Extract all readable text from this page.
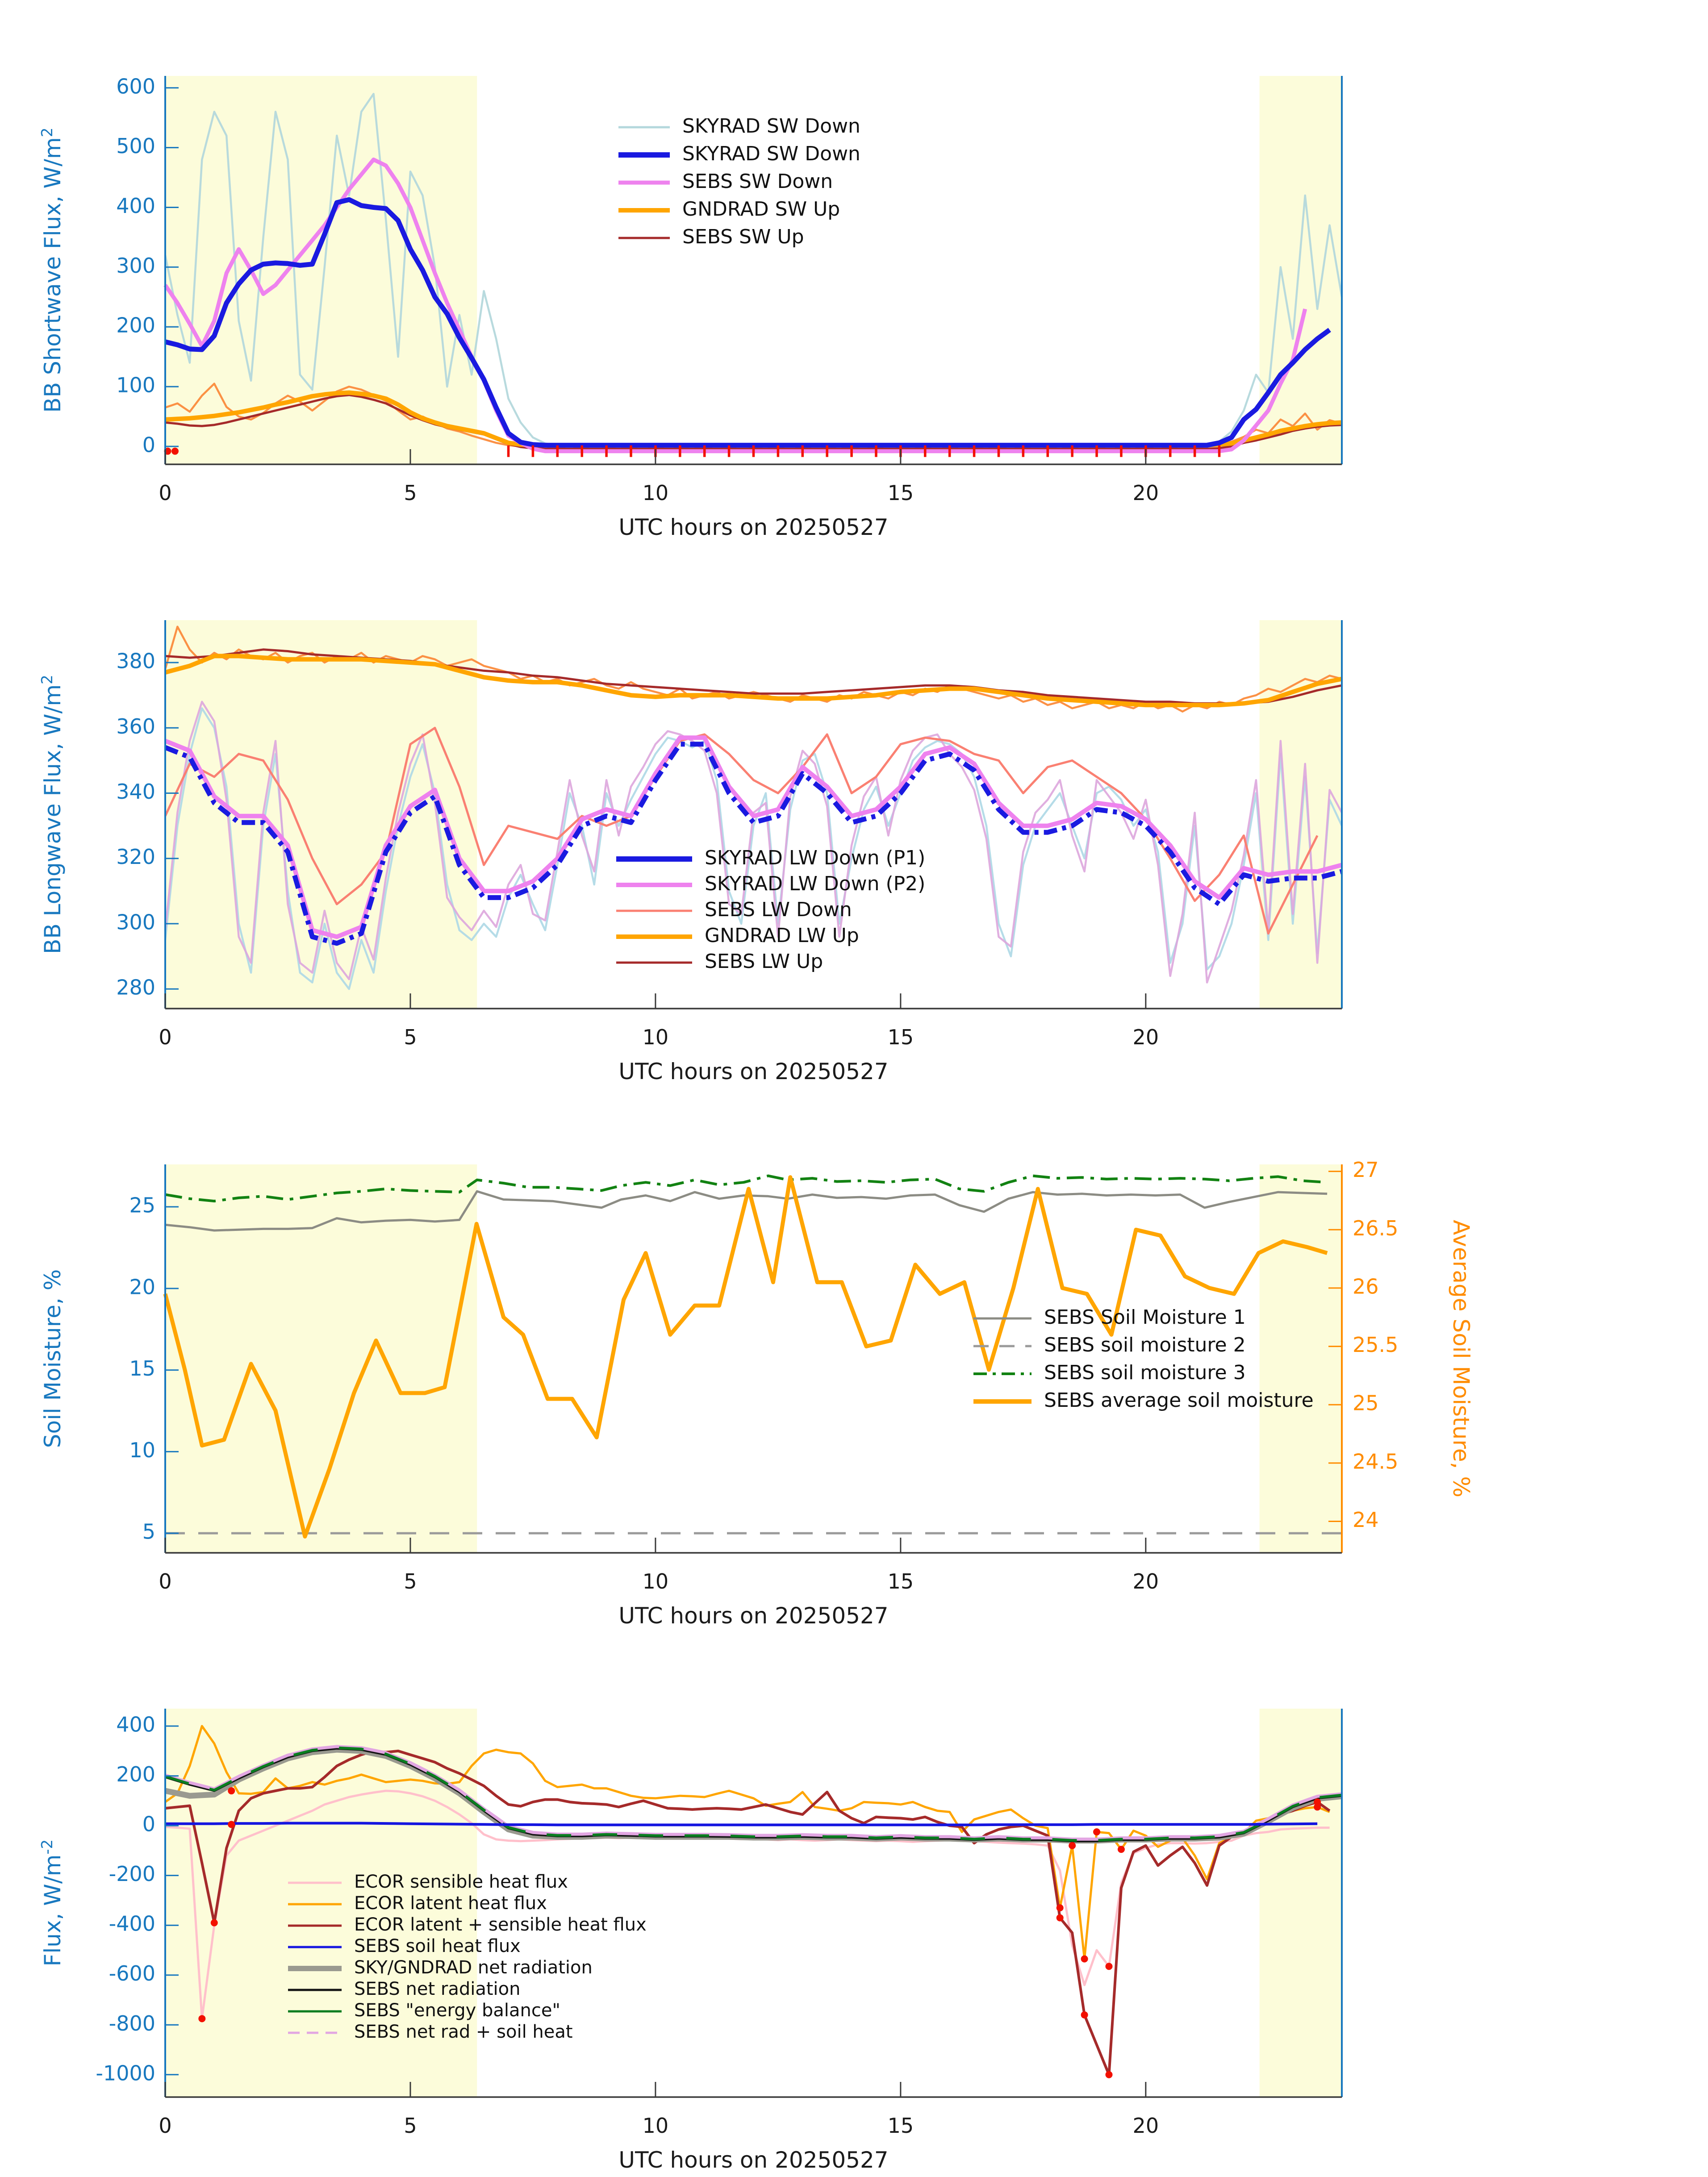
0
100
200
300
400
500
600
0	5	10	15	20
UTC hours on 20250527
BB Shortwave Flux, $W/m^2$	SKYRAD SW Down
SKYRAD SW Down
SEBS SW Down
GNDRAD SW Up
SEBS SW Up
280
300
320
340
360
380
0	5	10	15	20
UTC hours on 20250527
BB Longwave Flux, $W/m^2$
SKYRAD LW Down (P1)
SKYRAD LW Down (P2)
SEBS LW Down
GNDRAD LW Up
SEBS LW Up
5
10
15
20
25
24
24.5
25
25.5
26
26.5
27
0	5	10	15	20
UTC hours on 20250527
Soil Moisture, %	Average Soil Moisture, %
SEBS Soil Moisture 1
SEBS soil moisture 2
SEBS soil moisture 3
SEBS average soil moisture
400
200
0
-200
-400
-600
-800
-1000
0	5	10	15	20
UTC hours on 20250527
Flux, $W/m^{-2}$
ECOR sensible heat flux
ECOR latent heat flux
ECOR latent + sensible heat flux
SEBS soil heat flux
SKY/GNDRAD net radiation
SEBS net radiation
SEBS "energy balance"
SEBS net rad + soil heat
